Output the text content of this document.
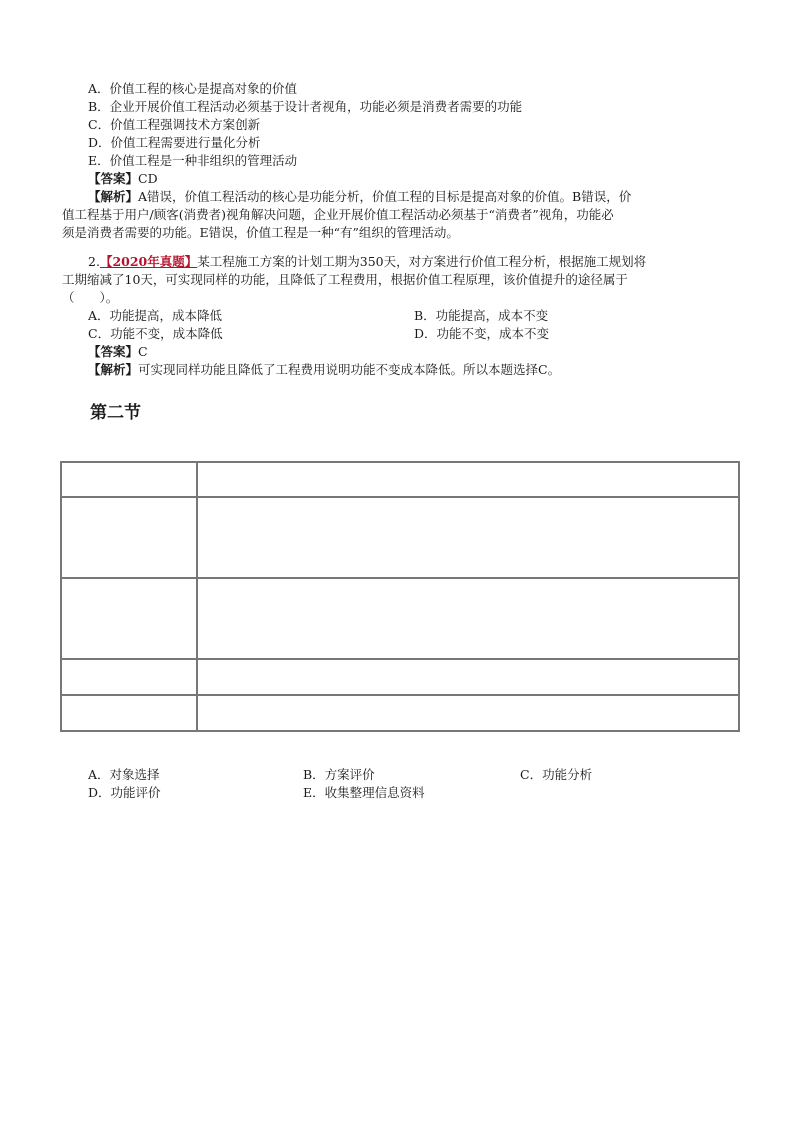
A．价值工程的核心是提高对象的价值
B．企业开展价值工程活动必须基于设计者视角，功能必须是消费者需要的功能
C．价值工程强调技术方案创新
D．价值工程需要进行量化分析
E．价值工程是一种非组织的管理活动
【答案】CD
【解析】A错误，价值工程活动的核心是功能分析，价值工程的目标是提高对象的价值。B错误，价
值工程基于用户/顾客(消费者)视角解决问题，企业开展价值工程活动必须基于“消费者”视角，功能必
须是消费者需要的功能。E错误，价值工程是一种“有”组织的管理活动。
2.【2020年真题】某工程施工方案的计划工期为350天，对方案进行价值工程分析，根据施工规划将
工期缩减了10天，可实现同样的功能，且降低了工程费用，根据价值工程原理，该价值提升的途径属于
（　　）。
A．功能提高，成本降低	B．功能提高，成本不变
C．功能不变，成本降低	D．功能不变，成本不变
【答案】C
【解析】可实现同样功能且降低了工程费用说明功能不变成本降低。所以本题选择C。
第二节

A．对象选择	B．方案评价	C．功能分析
D．功能评价	E．收集整理信息资料
